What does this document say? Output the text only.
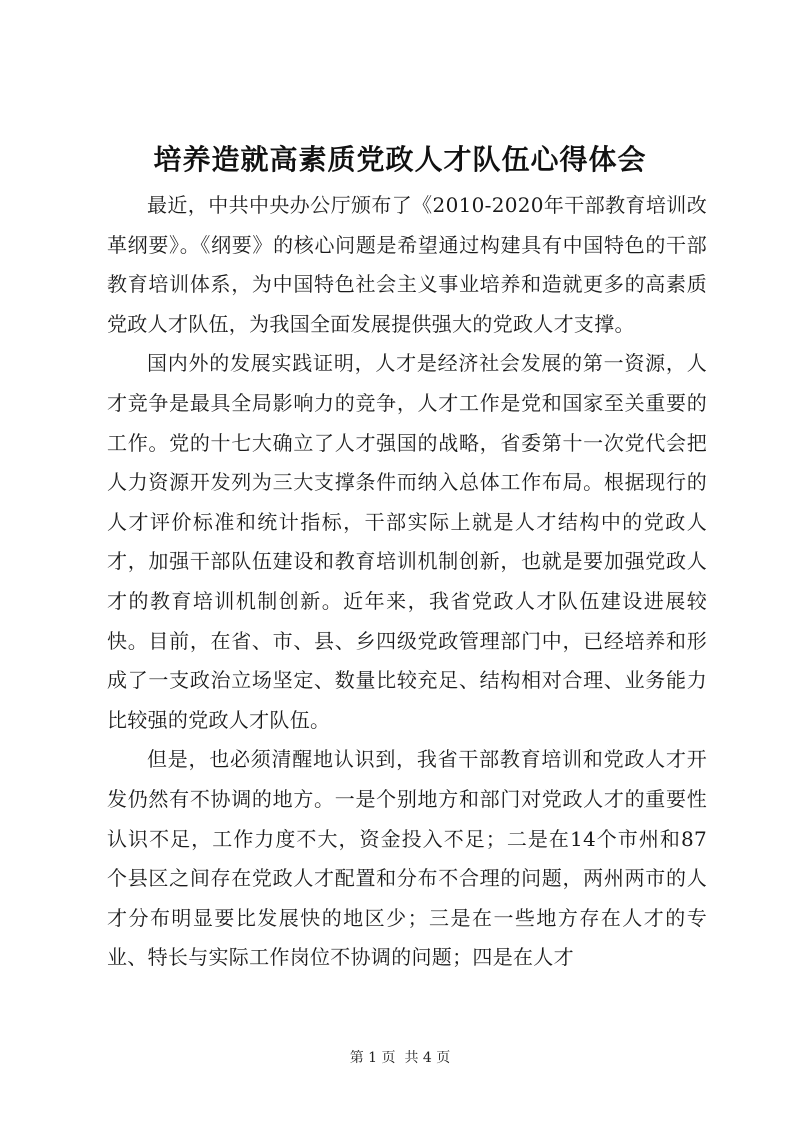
培养造就高素质党政人才队伍心得体会

最近，中共中央办公厅颁布了《2010-2020年干部教育培训改革纲要》。《纲要》的核心问题是希望通过构建具有中国特色的干部教育培训体系，为中国特色社会主义事业培养和造就更多的高素质党政人才队伍，为我国全面发展提供强大的党政人才支撑。

国内外的发展实践证明，人才是经济社会发展的第一资源，人才竞争是最具全局影响力的竞争，人才工作是党和国家至关重要的工作。党的十七大确立了人才强国的战略，省委第十一次党代会把人力资源开发列为三大支撑条件而纳入总体工作布局。根据现行的人才评价标准和统计指标，干部实际上就是人才结构中的党政人才，加强干部队伍建设和教育培训机制创新，也就是要加强党政人才的教育培训机制创新。近年来，我省党政人才队伍建设进展较快。目前，在省、市、县、乡四级党政管理部门中，已经培养和形成了一支政治立场坚定、数量比较充足、结构相对合理、业务能力比较强的党政人才队伍。

但是，也必须清醒地认识到，我省干部教育培训和党政人才开发仍然有不协调的地方。一是个别地方和部门对党政人才的重要性认识不足，工作力度不大，资金投入不足；二是在14个市州和87个县区之间存在党政人才配置和分布不合理的问题，两州两市的人才分布明显要比发展快的地区少；三是在一些地方存在人才的专业、特长与实际工作岗位不协调的问题；四是在人才

第 1 页  共 4 页
